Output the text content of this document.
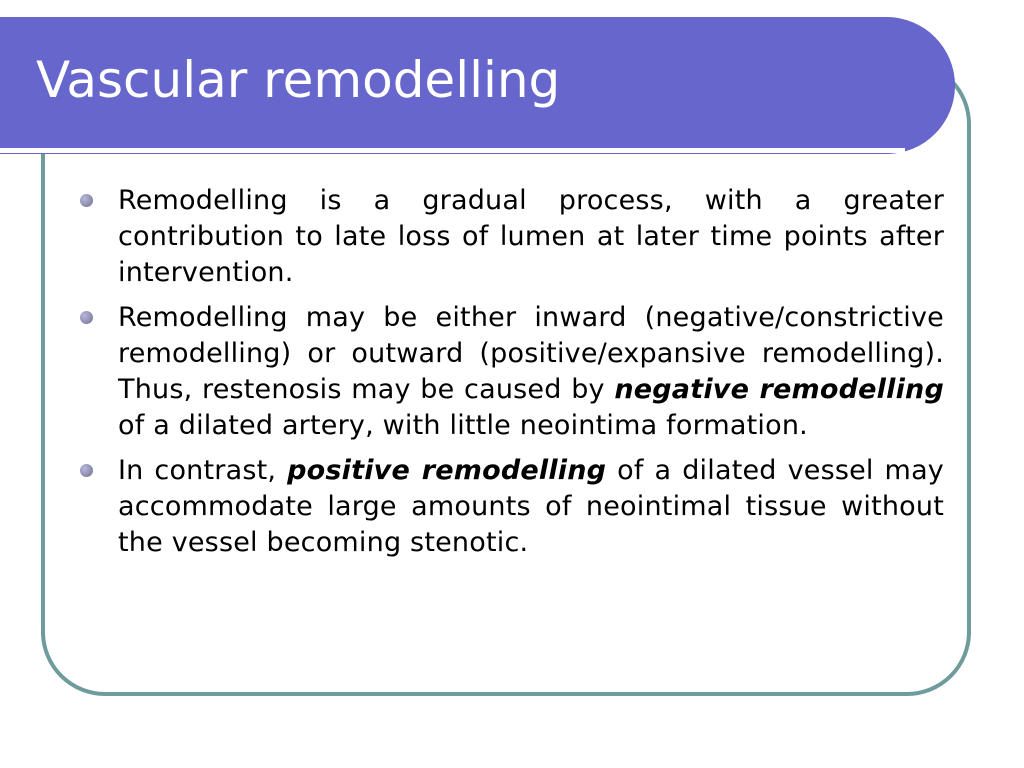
Vascular remodelling
Remodelling is a gradual process, with a greater contribution to late loss of lumen at later time points after intervention.
Remodelling may be either inward (negative/constrictive remodelling) or outward (positive/expansive remodelling). Thus, restenosis may be caused by negative remodelling of a dilated artery, with little neointima formation.
In contrast, positive remodelling of a dilated vessel may accommodate large amounts of neointimal tissue without the vessel becoming stenotic.
